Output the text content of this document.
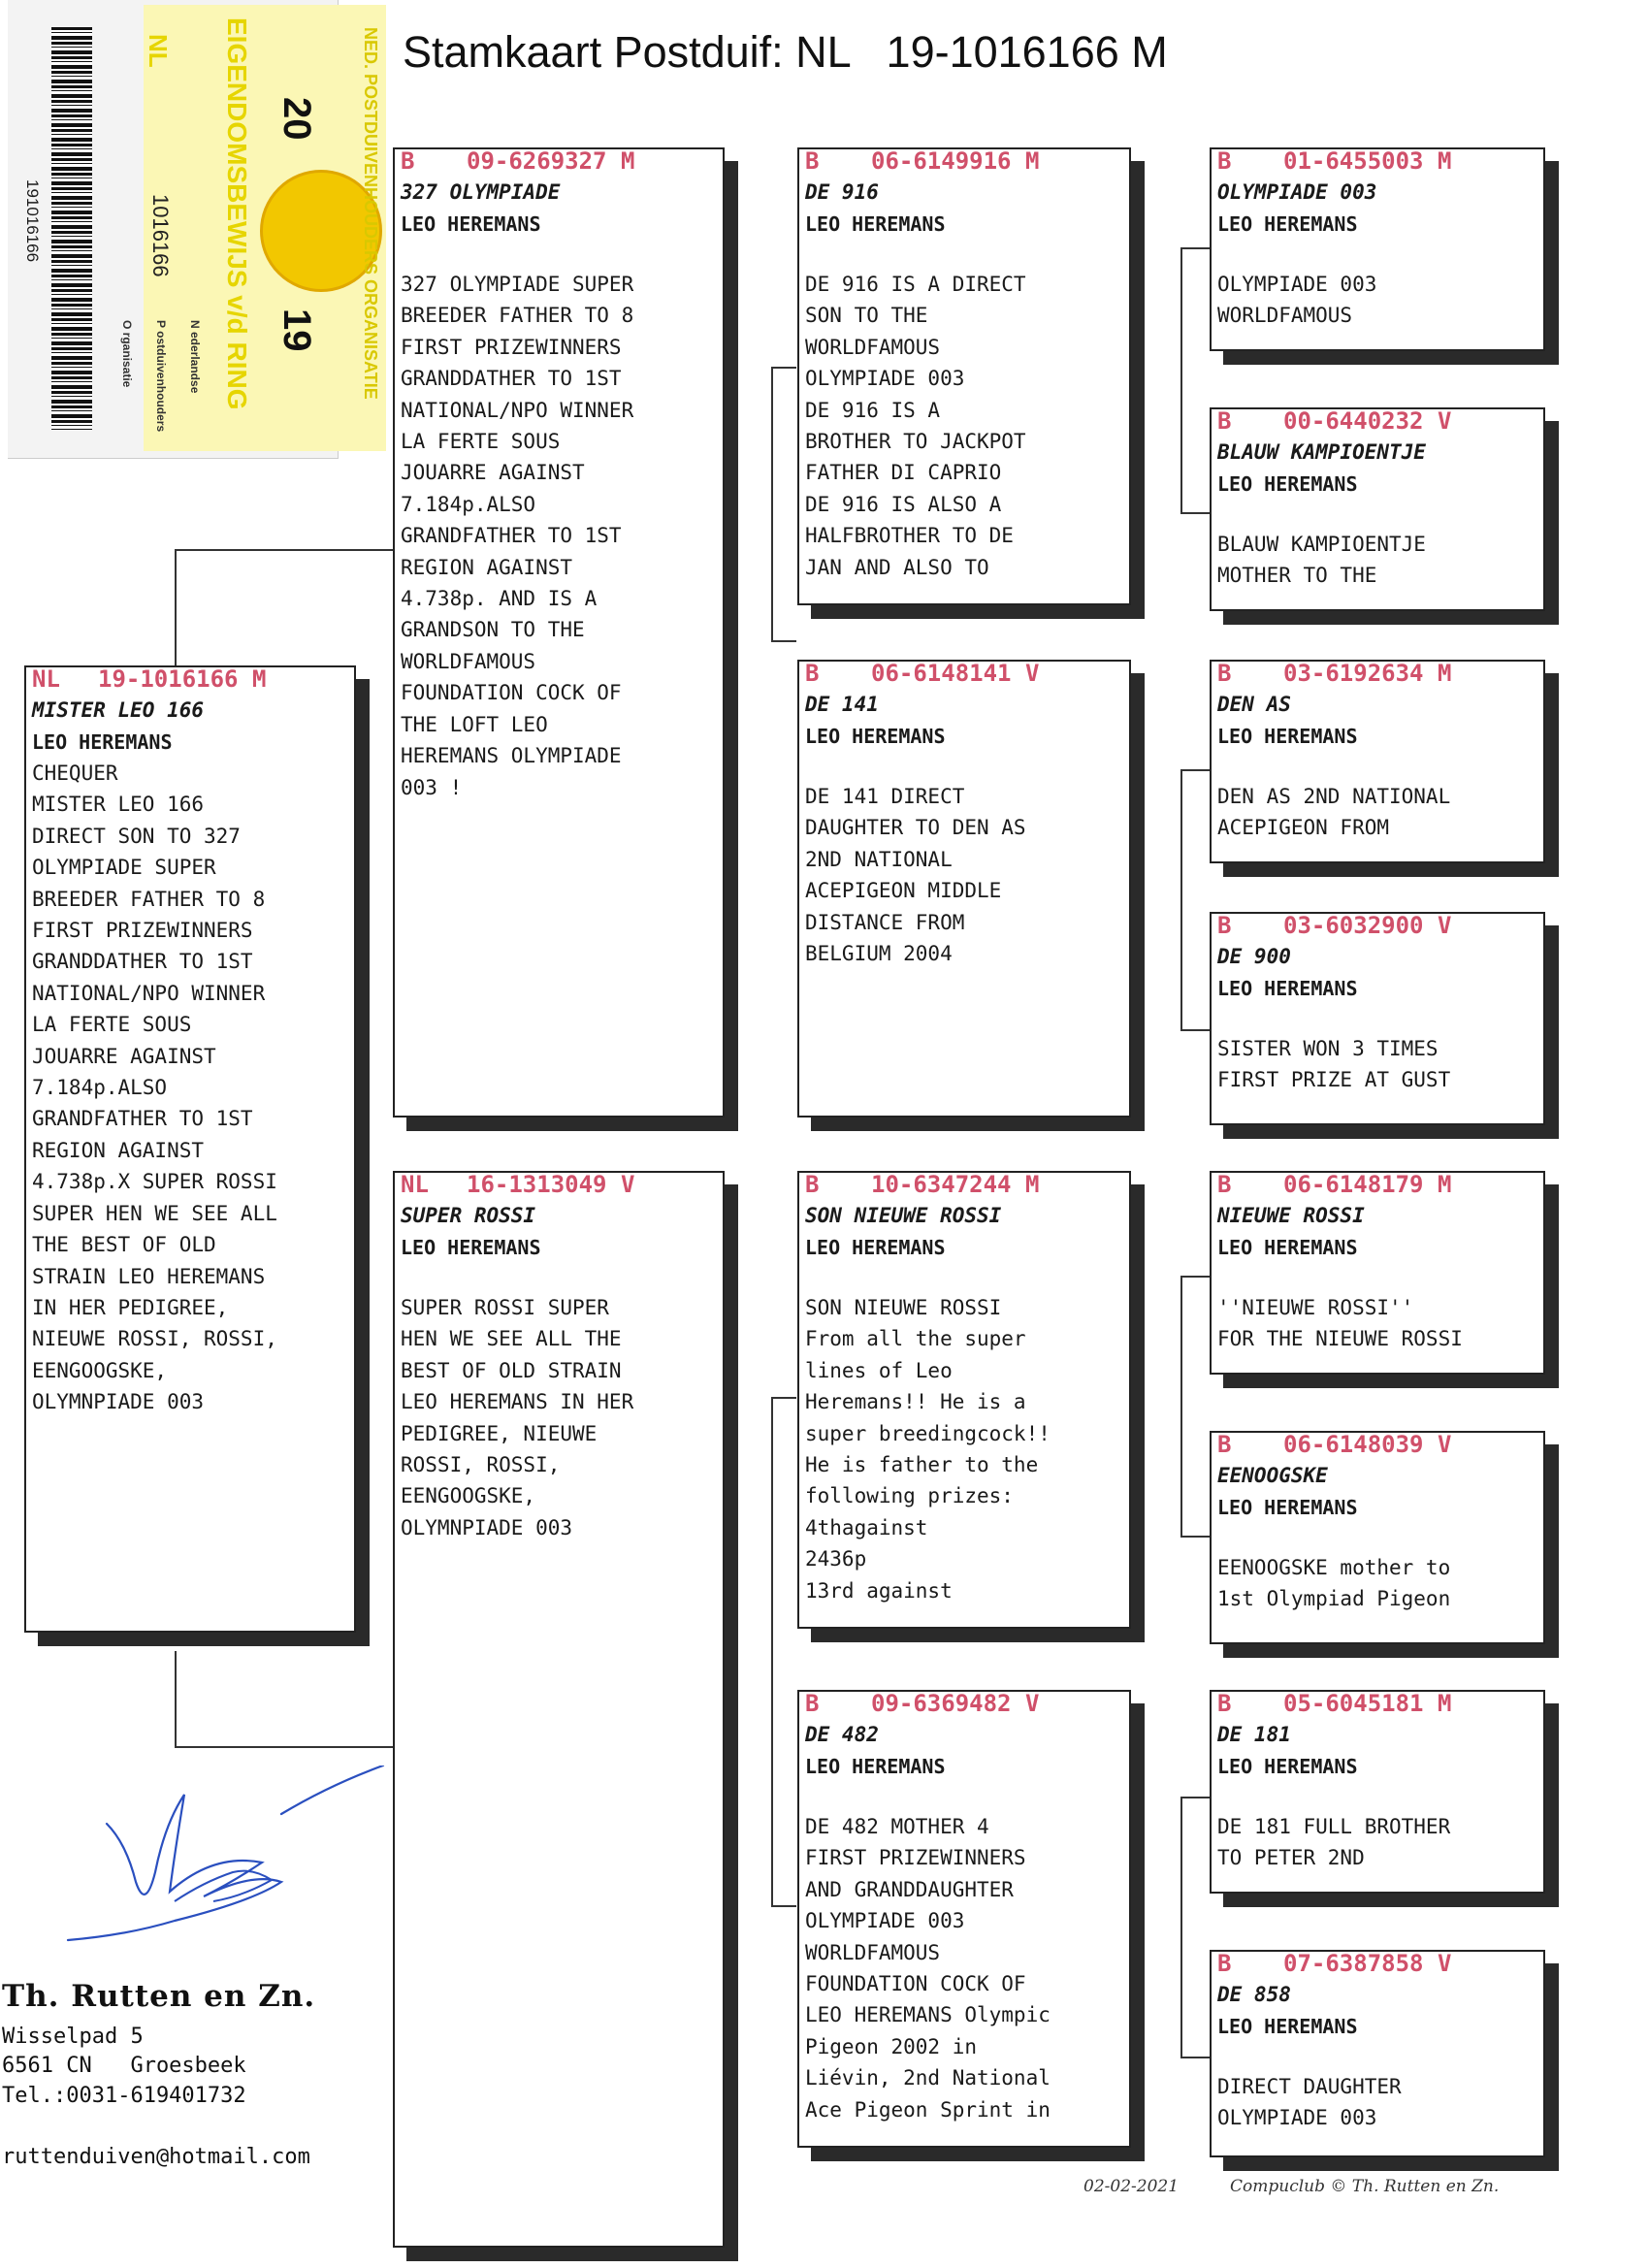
Stamkaart Postduif: NL   19-1016166 M
191016166
NL
1016166
N ederlandse
P ostduivenhouders
O rganisatie
20
19
EIGENDOMSBEWIJS v/d RING	NED. POSTDUIVENHOUDERS ORGANISATIE
NL 19-1016166 M
MISTER LEO 166
LEO HEREMANS
CHEQUER
MISTER LEO 166
DIRECT SON TO 327
OLYMPIADE SUPER
BREEDER FATHER TO 8
FIRST PRIZEWINNERS
GRANDDATHER TO 1ST
NATIONAL/NPO WINNER
LA FERTE SOUS
JOUARRE AGAINST
7.184p.ALSO
GRANDFATHER TO 1ST
REGION AGAINST
4.738p.X SUPER ROSSI
SUPER HEN WE SEE ALL
THE BEST OF OLD
STRAIN LEO HEREMANS
IN HER PEDIGREE,
NIEUWE ROSSI, ROSSI,
EENGOOGSKE,
OLYMNPIADE 003
B 09-6269327 M
327 OLYMPIADE
LEO HEREMANS
327 OLYMPIADE SUPER
BREEDER FATHER TO 8
FIRST PRIZEWINNERS
GRANDDATHER TO 1ST
NATIONAL/NPO WINNER
LA FERTE SOUS
JOUARRE AGAINST
7.184p.ALSO
GRANDFATHER TO 1ST
REGION AGAINST
4.738p. AND IS A
GRANDSON TO THE
WORLDFAMOUS
FOUNDATION COCK OF
THE LOFT LEO
HEREMANS OLYMPIADE
003 !
NL 16-1313049 V
SUPER ROSSI
LEO HEREMANS
SUPER ROSSI SUPER
HEN WE SEE ALL THE
BEST OF OLD STRAIN
LEO HEREMANS IN HER
PEDIGREE, NIEUWE
ROSSI, ROSSI,
EENGOOGSKE,
OLYMNPIADE 003
B 06-6149916 M
DE 916
LEO HEREMANS
DE 916 IS A DIRECT
SON TO THE
WORLDFAMOUS
OLYMPIADE 003
DE 916 IS A
BROTHER TO JACKPOT
FATHER DI CAPRIO
DE 916 IS ALSO A
HALFBROTHER TO DE
JAN AND ALSO TO
B 06-6148141 V
DE 141
LEO HEREMANS
DE 141 DIRECT
DAUGHTER TO DEN AS
2ND NATIONAL
ACEPIGEON MIDDLE
DISTANCE FROM
BELGIUM 2004
B 10-6347244 M
SON NIEUWE ROSSI
LEO HEREMANS
SON NIEUWE ROSSI
From all the super
lines of Leo
Heremans!! He is a
super breedingcock!!
He is father to the
following prizes:
4thagainst
2436p
13rd against
B 09-6369482 V
DE 482
LEO HEREMANS
DE 482 MOTHER 4
FIRST PRIZEWINNERS
AND GRANDDAUGHTER
OLYMPIADE 003
WORLDFAMOUS
FOUNDATION COCK OF
LEO HEREMANS Olympic
Pigeon 2002 in
Liévin, 2nd National
Ace Pigeon Sprint in
B 01-6455003 M
OLYMPIADE 003
LEO HEREMANS
OLYMPIADE 003
WORLDFAMOUS
B 00-6440232 V
BLAUW KAMPIOENTJE
LEO HEREMANS
BLAUW KAMPIOENTJE
MOTHER TO THE
B 03-6192634 M
DEN AS
LEO HEREMANS
DEN AS 2ND NATIONAL
ACEPIGEON FROM
B 03-6032900 V
DE 900
LEO HEREMANS
SISTER WON 3 TIMES
FIRST PRIZE AT GUST
B 06-6148179 M
NIEUWE ROSSI
LEO HEREMANS
''NIEUWE ROSSI''
FOR THE NIEUWE ROSSI
B 06-6148039 V
EENOOGSKE
LEO HEREMANS
EENOOGSKE mother to
1st Olympiad Pigeon
B 05-6045181 M
DE 181
LEO HEREMANS
DE 181 FULL BROTHER
TO PETER 2ND
B 07-6387858 V
DE 858
LEO HEREMANS
DIRECT DAUGHTER
OLYMPIADE 003
Th. Rutten en Zn.
Wisselpad 5
6561 CN   Groesbeek
Tel.:0031-619401732
ruttenduiven@hotmail.com
02-02-2021	Compuclub © Th. Rutten en Zn.
